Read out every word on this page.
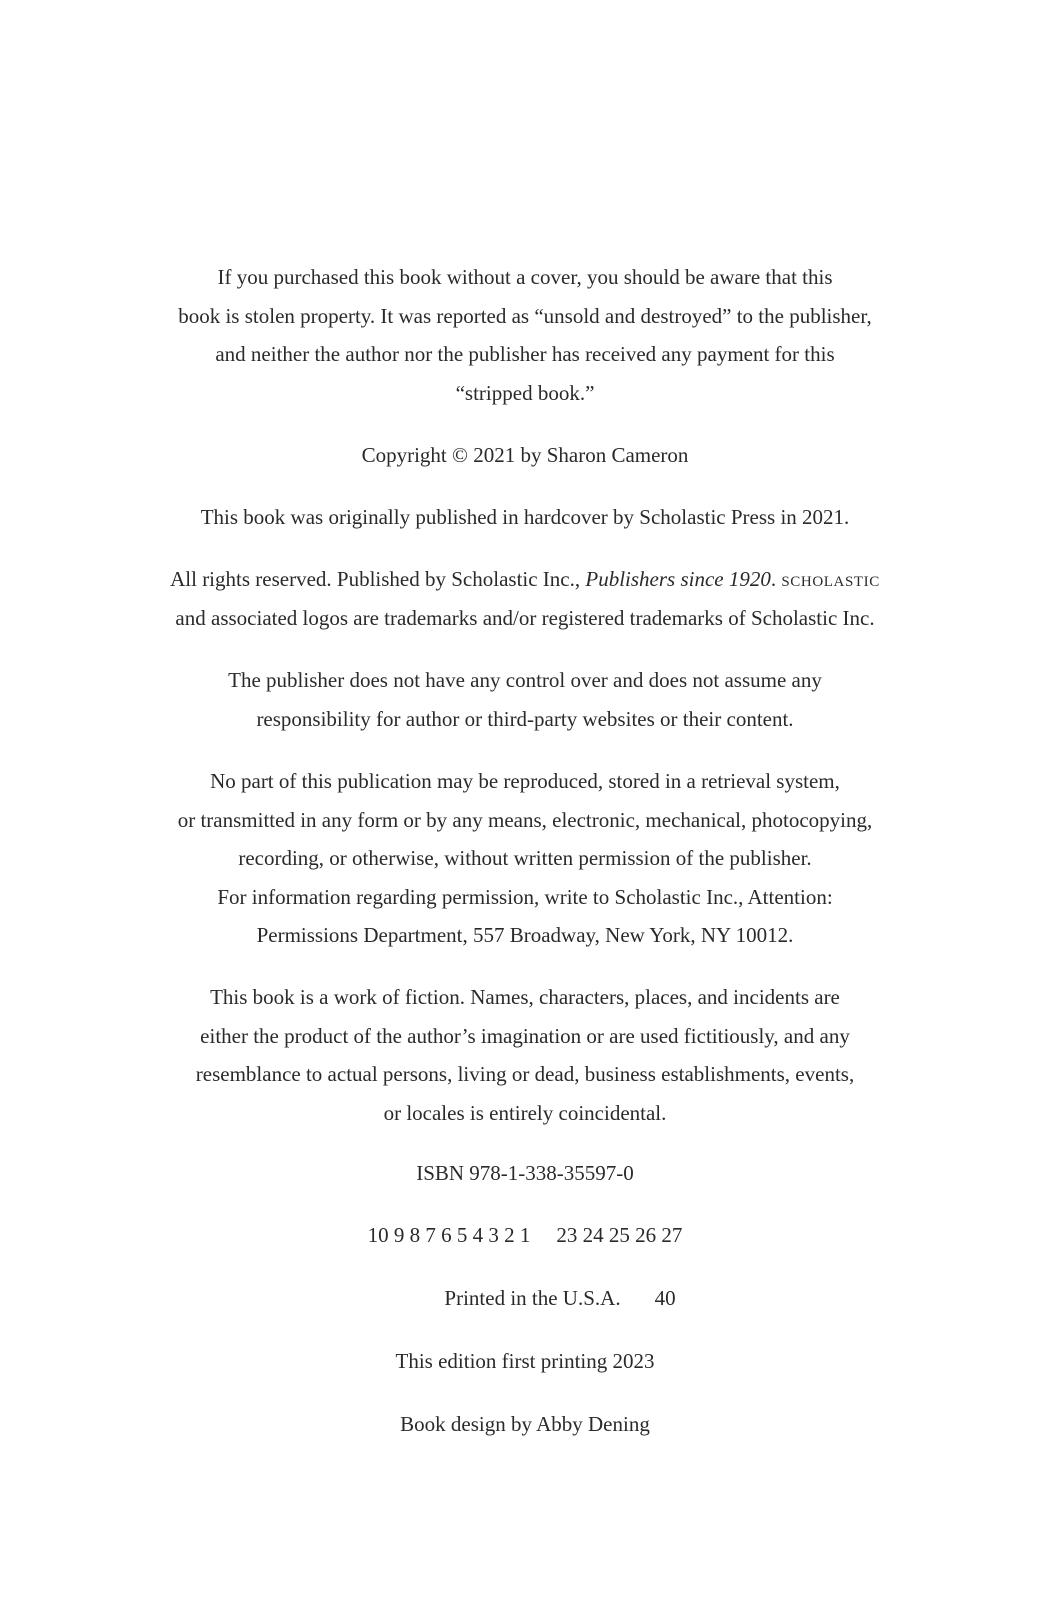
If you purchased this book without a cover, you should be aware that this
book is stolen property. It was reported as “unsold and destroyed” to the publisher,
and neither the author nor the publisher has received any payment for this
“stripped book.”
Copyright © 2021 by Sharon Cameron
This book was originally published in hardcover by Scholastic Press in 2021.
All rights reserved. Published by Scholastic Inc., Publishers since 1920. scholastic
and associated logos are trademarks and/or registered trademarks of Scholastic Inc.
The publisher does not have any control over and does not assume any
responsibility for author or third-party websites or their content.
No part of this publication may be reproduced, stored in a retrieval system,
or transmitted in any form or by any means, electronic, mechanical, photocopying,
recording, or otherwise, without written permission of the publisher.
For information regarding permission, write to Scholastic Inc., Attention:
Permissions Department, 557 Broadway, New York, NY 10012.
This book is a work of fiction. Names, characters, places, and incidents are
either the product of the author’s imagination or are used fictitiously, and any
resemblance to actual persons, living or dead, business establishments, events,
or locales is entirely coincidental.
ISBN 978-1-338-35597-0
10 9 8 7 6 5 4 3 2 1 23 24 25 26 27
Printed in the U.S.A. 40
This edition first printing 2023
Book design by Abby Dening
